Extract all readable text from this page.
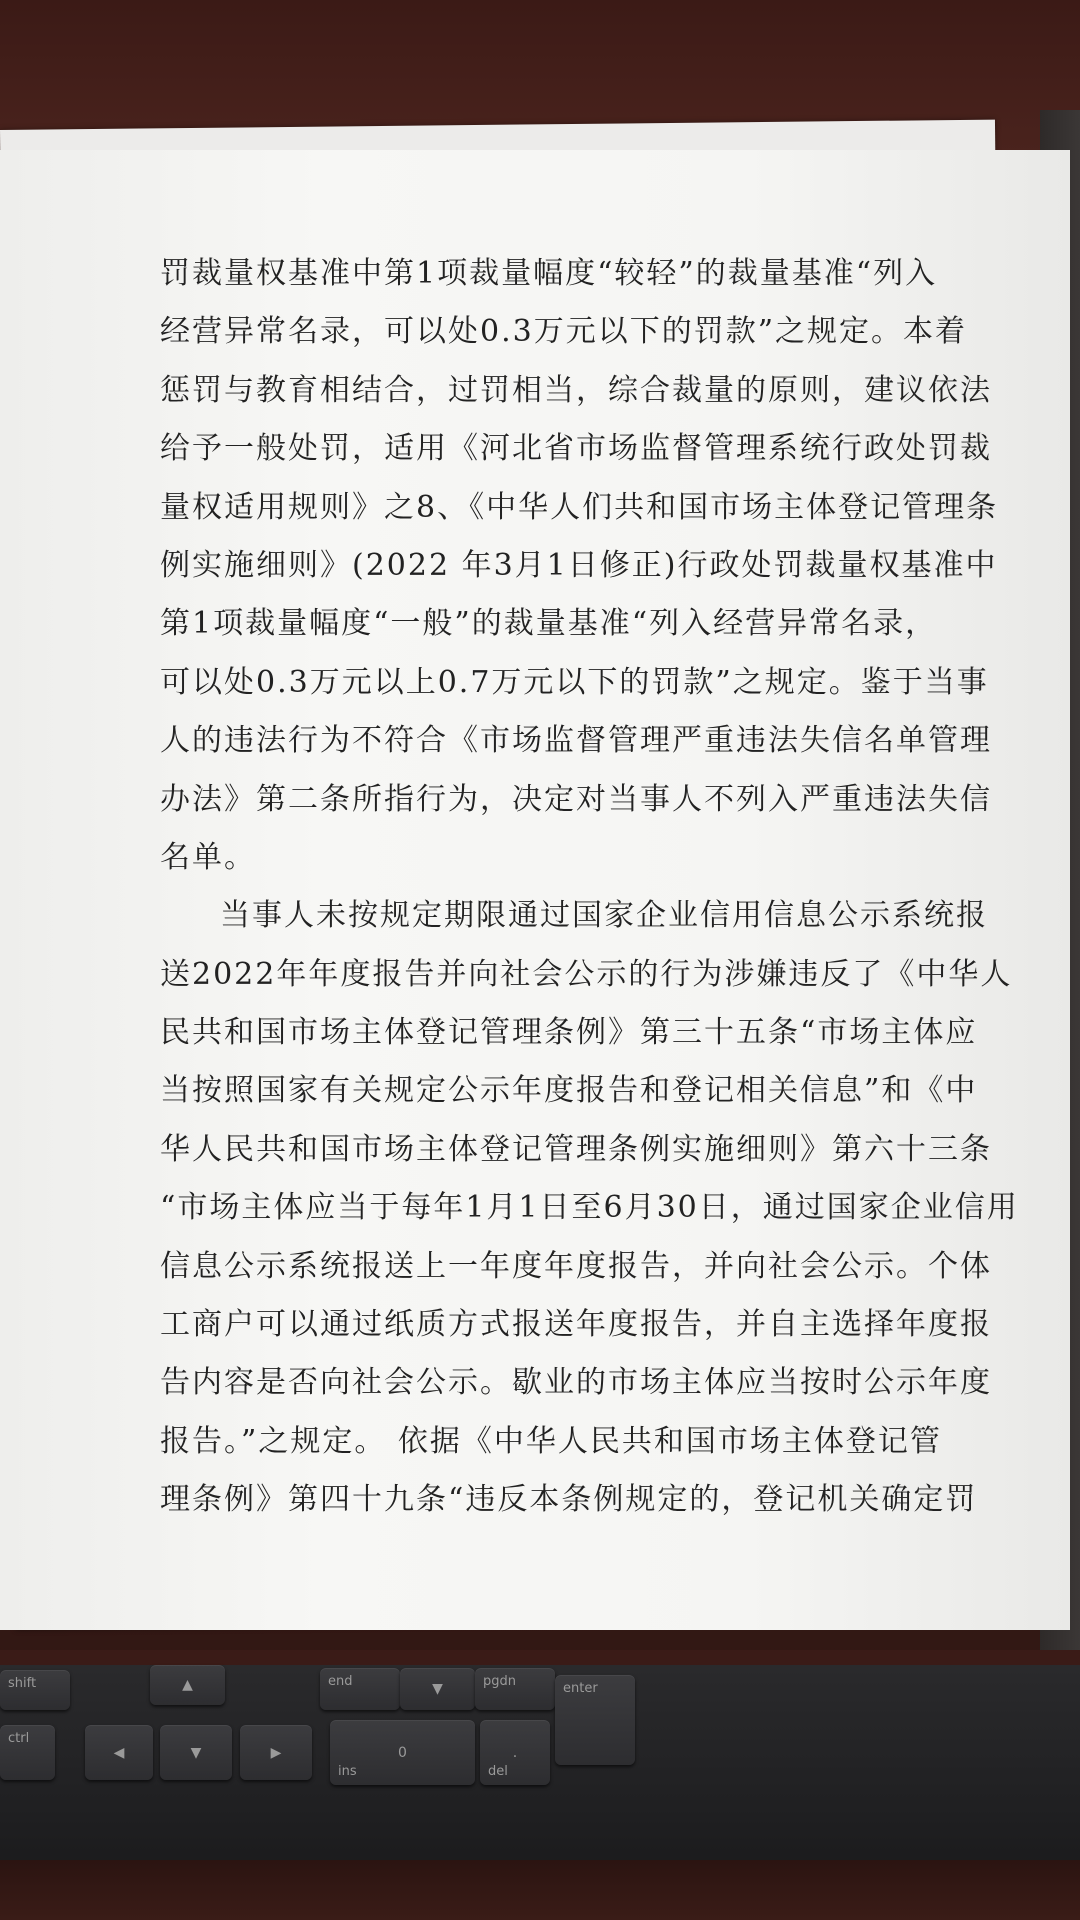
罚裁量权基准中第1项裁量幅度“较轻”的裁量基准“列入
经营异常名录，可以处0.3万元以下的罚款”之规定。本着
惩罚与教育相结合，过罚相当，综合裁量的原则，建议依法
给予一般处罚，适用《河北省市场监督管理系统行政处罚裁
量权适用规则》之8、《中华人们共和国市场主体登记管理条
例实施细则》(2022 年3月1日修正)行政处罚裁量权基准中
第1项裁量幅度“一般”的裁量基准“列入经营异常名录，
可以处0.3万元以上0.7万元以下的罚款”之规定。鉴于当事
人的违法行为不符合《市场监督管理严重违法失信名单管理
办法》第二条所指行为，决定对当事人不列入严重违法失信
名单。
当事人未按规定期限通过国家企业信用信息公示系统报
送2022年年度报告并向社会公示的行为涉嫌违反了《中华人
民共和国市场主体登记管理条例》第三十五条“市场主体应
当按照国家有关规定公示年度报告和登记相关信息”和《中
华人民共和国市场主体登记管理条例实施细则》第六十三条
“市场主体应当于每年1月1日至6月30日，通过国家企业信用
信息公示系统报送上一年度年度报告，并向社会公示。个体
工商户可以通过纸质方式报送年度报告，并自主选择年度报
告内容是否向社会公示。歇业的市场主体应当按时公示年度
报告。”之规定。 依据《中华人民共和国市场主体登记管
理条例》第四十九条“违反本条例规定的，登记机关确定罚
shift	▲	end	▼	pgdn	enter
ctrl
◀	▼	▶	0
ins
.
del
